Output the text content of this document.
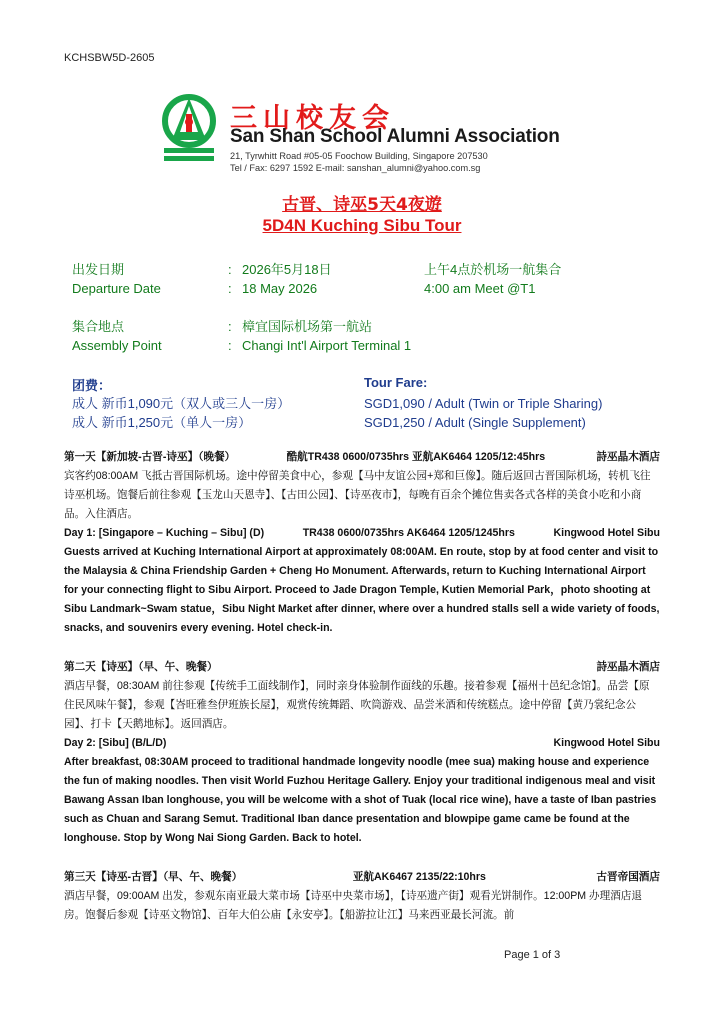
KCHSBW5D-2605
三山校友会
San Shan School Alumni Association
21, Tyrwhitt Road #05-05 Foochow Building, Singapore 207530
Tel / Fax: 6297 1592 E-mail: sanshan_alumni@yahoo.com.sg
古晋、诗巫5天4夜遊
5D4N Kuching Sibu Tour
出发日期	: 2026年5月18日	上午4点於机场一航集合
Departure Date	: 18 May 2026	4:00 am Meet @T1
集合地点	: 樟宜国际机场第一航站
Assembly Point	: Changi Int'l Airport Terminal 1
团费：
成人 新币1,090元（双人或三人一房）
成人 新币1,250元（单人一房）
Tour Fare:
SGD1,090 / Adult (Twin or Triple Sharing)
SGD1,250 / Adult (Single Supplement)
第一天【新加坡-古晋-诗巫】（晚餐）	酷航TR438 0600/0735hrs 亚航AK6464 1205/12:45hrs	詩巫晶木酒店

宾客约08:00AM 飞抵古晋国际机场。途中停留美食中心，参观【马中友谊公园+郑和巨像】。随后返回古晋国际机场，转机飞往诗巫机场。饱餐后前往参观【玉龙山天恩寺】、【古田公园】、【诗巫夜市】，每晚有百余个摊位售卖各式各样的美食小吃和小商品。入住酒店。

Day 1: [Singapore – Kuching – Sibu] (D)	TR438 0600/0735hrs AK6464 1205/1245hrs	Kingwood Hotel Sibu

Guests arrived at Kuching International Airport at approximately 08:00AM. En route, stop by at food center and visit to the Malaysia & China Friendship Garden + Cheng Ho Monument. Afterwards, return to Kuching International Airport for your connecting flight to Sibu Airport. Proceed to Jade Dragon Temple, Kutien Memorial Park，photo shooting at Sibu Landmark~Swam statue，Sibu Night Market after dinner, where over a hundred stalls sell a wide variety of foods, snacks, and souvenirs every evening. Hotel check-in.

第二天【诗巫】（早、午、晚餐）	詩巫晶木酒店

酒店早餐，08:30AM 前往参观【传统手工面线制作】，同时亲身体验制作面线的乐趣。接着参观【福州十邑纪念馆】。品尝【原住民风味午餐】，参观【峇旺雅叁伊班族长屋】，观赏传统舞蹈、吹筒游戏、品尝米酒和传统糕点。途中停留【黄乃裳纪念公园】、打卡【天鹅地标】。返回酒店。

Day 2: [Sibu] (B/L/D)	Kingwood Hotel Sibu

After breakfast, 08:30AM proceed to traditional handmade longevity noodle (mee sua) making house and experience the fun of making noodles. Then visit World Fuzhou Heritage Gallery. Enjoy your traditional indigenous meal and visit Bawang Assan Iban longhouse, you will be welcome with a shot of Tuak (local rice wine), have a taste of Iban pastries such as Chuan and Sarang Semut. Traditional Iban dance presentation and blowpipe game came be found at the longhouse. Stop by Wong Nai Siong Garden. Back to hotel.

第三天【诗巫-古晋】（早、午、晚餐）	亚航AK6467 2135/22:10hrs	古晋帝国酒店

酒店早餐，09:00AM 出发，参观东南亚最大菜市场【诗巫中央菜市场】，【诗巫遗产街】观看光饼制作。12:00PM 办理酒店退房。饱餐后参观【诗巫文物馆】、百年大伯公庙【永安亭】。【船游拉让江】马来西亚最长河流。前

Page 1 of 3
